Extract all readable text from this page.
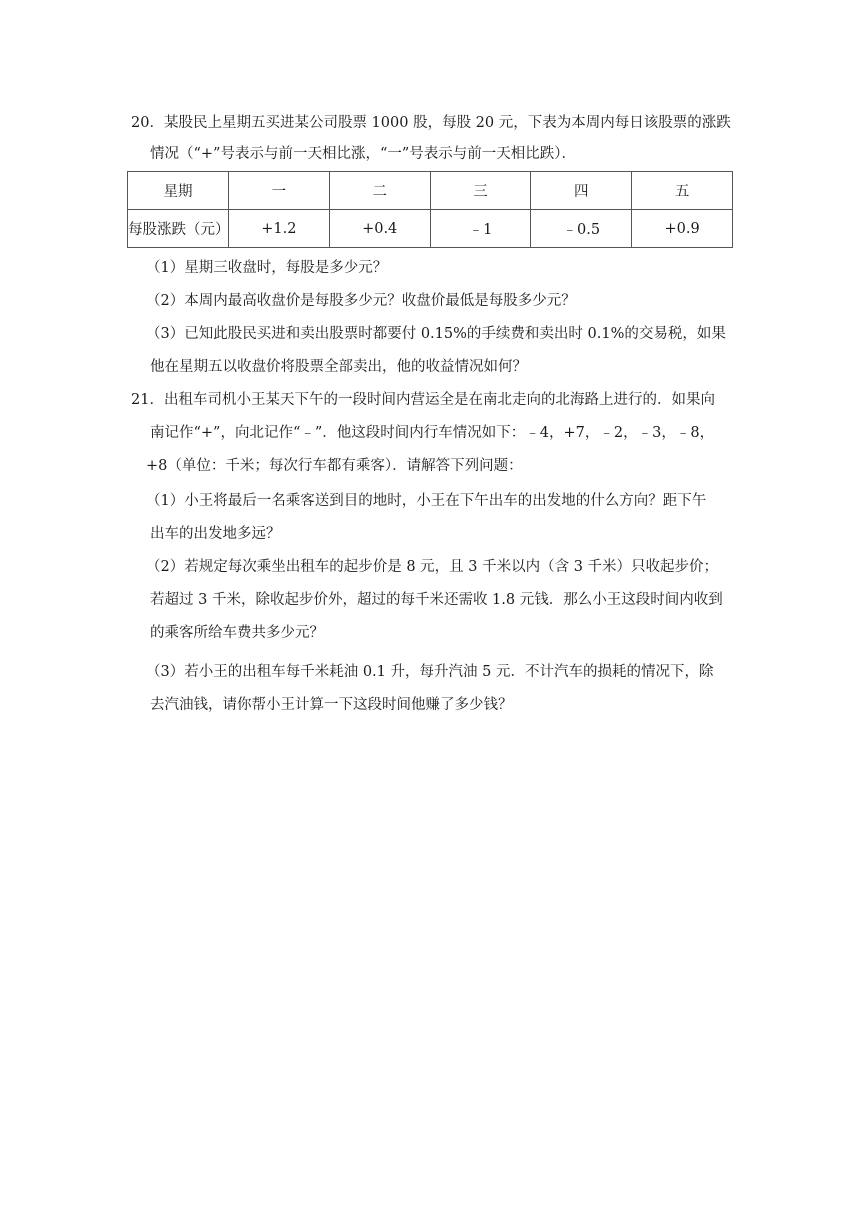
20．某股民上星期五买进某公司股票 1000 股，每股 20 元，下表为本周内每日该股票的涨跌
情况（“+”号表示与前一天相比涨，“一”号表示与前一天相比跌）．
星期	一	二	三	四	五
每股涨跌（元）	+1.2	+0.4	﹣1	﹣0.5	+0.9
（1）星期三收盘时，每股是多少元？
（2）本周内最高收盘价是每股多少元？收盘价最低是每股多少元？
（3）已知此股民买进和卖出股票时都要付 0.15%的手续费和卖出时 0.1%的交易税，如果
他在星期五以收盘价将股票全部卖出，他的收益情况如何？
21．出租车司机小王某天下午的一段时间内营运全是在南北走向的北海路上进行的．如果向
南记作“+”，向北记作“﹣”．他这段时间内行车情况如下：﹣4，+7，﹣2，﹣3，﹣8，
+8（单位：千米；每次行车都有乘客）．请解答下列问题：
（1）小王将最后一名乘客送到目的地时，小王在下午出车的出发地的什么方向？距下午
出车的出发地多远？
（2）若规定每次乘坐出租车的起步价是 8 元，且 3 千米以内（含 3 千米）只收起步价；
若超过 3 千米，除收起步价外，超过的每千米还需收 1.8 元钱．那么小王这段时间内收到
的乘客所给车费共多少元？
（3）若小王的出租车每千米耗油 0.1 升，每升汽油 5 元．不计汽车的损耗的情况下，除
去汽油钱，请你帮小王计算一下这段时间他赚了多少钱？
